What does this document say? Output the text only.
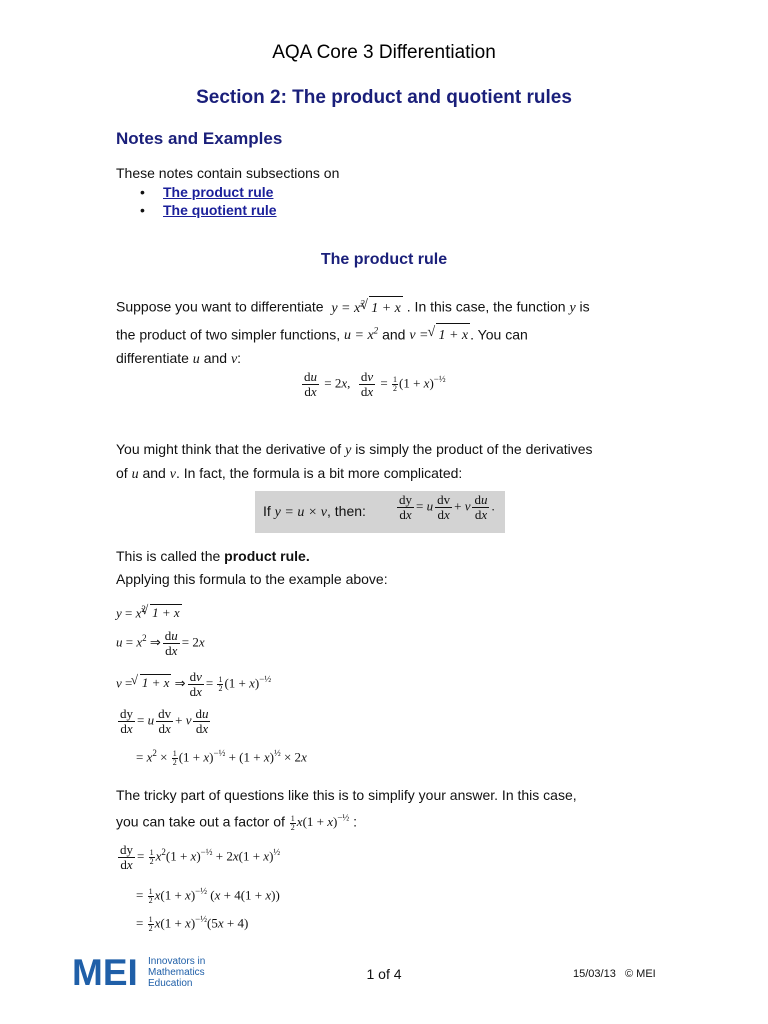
AQA Core 3 Differentiation
Section 2: The product and quotient rules
Notes and Examples
These notes contain subsections on
• The product rule
• The quotient rule
The product rule
Suppose you want to differentiate $y = x^2$ √ 1 + x . In this case, the function y is
the product of two simpler functions, $u = x^2$ and v =  √ 1 + x . You can
differentiate u and v:
$\frac{du}{dx} = 2x$, $\frac{dv}{dx} = \frac{1}{2} (1 + x)^{-\frac{1}{2}}$
You might think that the derivative of y is simply the product of the derivatives
of u and v. In fact, the formula is a bit more complicated:
If y = u × v, then: $\frac{dy}{dx} = u \frac{dv}{dx} + v \frac{du}{dx}$ .
This is called the product rule.
Applying this formula to the example above:
$y = x^2$ √ 1 + x
$u = x^2$ ⇒ $\frac{du}{dx} = 2x$
v =  √ 1 + x ⇒ $\frac{dv}{dx} = \frac{1}{2} (1 + x)^{-\frac{1}{2}}$
$\frac{dy}{dx} = u \frac{dv}{dx} + v \frac{du}{dx}$
= $x^2 \times \frac{1}{2} (1 + x)^{-\frac{1}{2}} + (1 + x)^{\frac{1}{2}} \times 2x$
The tricky part of questions like this is to simplify your answer. In this case,
you can take out a factor of $\frac{1}{2} x(1 + x)^{-\frac{1}{2}}$ :
$\frac{dy}{dx} = \frac{1}{2} x^2(1 + x)^{-\frac{1}{2}} + 2x(1 + x)^{\frac{1}{2}}$
= $\frac{1}{2} x(1 + x)^{-\frac{1}{2}}$ (x + 4(1 + x))
= $\frac{1}{2} x(1 + x)^{-\frac{1}{2}}(5x + 4)$
MEI Innovators in
Mathematics
Education
1 of 4	15/03/13 © MEI
